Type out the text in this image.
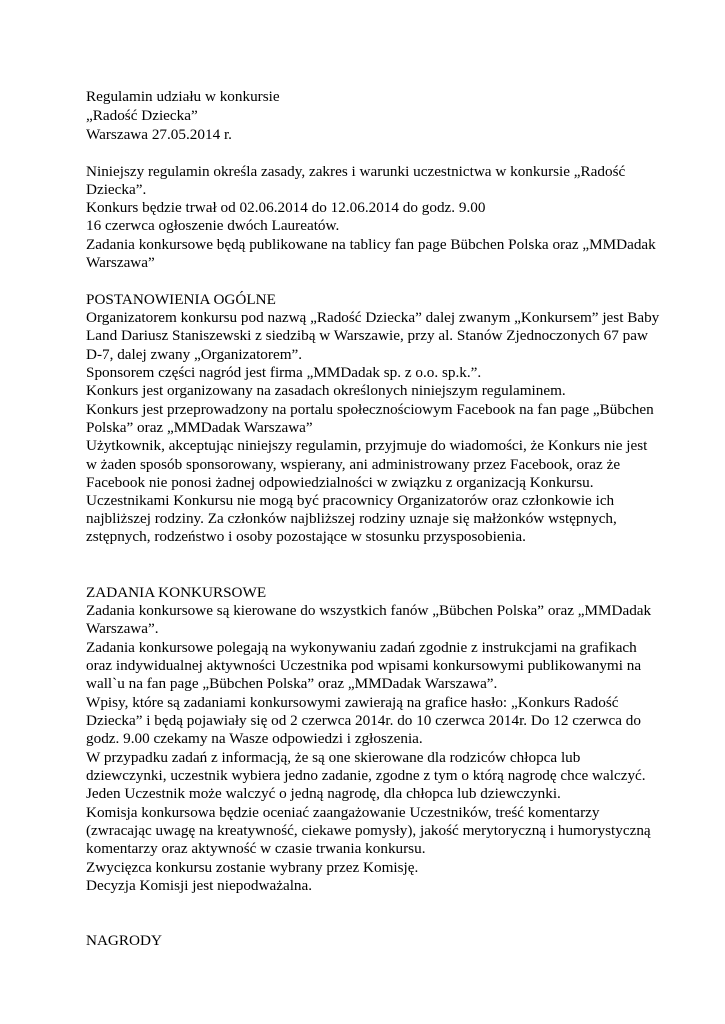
Regulamin udziału w konkursie
„Radość Dziecka”
Warszawa 27.05.2014 r.
Niniejszy regulamin określa zasady, zakres i warunki uczestnictwa w konkursie „Radość
Dziecka”.
Konkurs będzie trwał od 02.06.2014 do 12.06.2014 do godz. 9.00
16 czerwca ogłoszenie dwóch Laureatów.
Zadania konkursowe będą publikowane na tablicy fan page Bübchen Polska oraz „MMDadak
Warszawa”
POSTANOWIENIA OGÓLNE
Organizatorem konkursu pod nazwą „Radość Dziecka” dalej zwanym „Konkursem” jest Baby
Land Dariusz Staniszewski z siedzibą w Warszawie, przy al. Stanów Zjednoczonych 67 paw
D-7, dalej zwany „Organizatorem”.
Sponsorem części nagród jest firma „MMDadak sp. z o.o. sp.k.”.
Konkurs jest organizowany na zasadach określonych niniejszym regulaminem.
Konkurs jest przeprowadzony na portalu społecznościowym Facebook na fan page „Bübchen
Polska” oraz „MMDadak Warszawa”
Użytkownik, akceptując niniejszy regulamin, przyjmuje do wiadomości, że Konkurs nie jest
w żaden sposób sponsorowany, wspierany, ani administrowany przez Facebook, oraz że
Facebook nie ponosi żadnej odpowiedzialności w związku z organizacją Konkursu.
Uczestnikami Konkursu nie mogą być pracownicy Organizatorów oraz członkowie ich
najbliższej rodziny. Za członków najbliższej rodziny uznaje się małżonków wstępnych,
zstępnych, rodzeństwo i osoby pozostające w stosunku przysposobienia.
ZADANIA KONKURSOWE
Zadania konkursowe są kierowane do wszystkich fanów „Bübchen Polska” oraz „MMDadak
Warszawa”.
Zadania konkursowe polegają na wykonywaniu zadań zgodnie z instrukcjami na grafikach
oraz indywidualnej aktywności Uczestnika pod wpisami konkursowymi publikowanymi na
wall`u na fan page „Bübchen Polska” oraz „MMDadak Warszawa”.
Wpisy, które są zadaniami konkursowymi zawierają na grafice hasło: „Konkurs Radość
Dziecka” i będą pojawiały się od 2 czerwca 2014r. do 10 czerwca 2014r. Do 12 czerwca do
godz. 9.00 czekamy na Wasze odpowiedzi i zgłoszenia.
W przypadku zadań z informacją, że są one skierowane dla rodziców chłopca lub
dziewczynki, uczestnik wybiera jedno zadanie, zgodne z tym o którą nagrodę chce walczyć.
Jeden Uczestnik może walczyć o jedną nagrodę, dla chłopca lub dziewczynki.
Komisja konkursowa będzie oceniać zaangażowanie Uczestników, treść komentarzy
(zwracając uwagę na kreatywność, ciekawe pomysły), jakość merytoryczną i humorystyczną
komentarzy oraz aktywność w czasie trwania konkursu.
Zwycięzca konkursu zostanie wybrany przez Komisję.
Decyzja Komisji jest niepodważalna.
NAGRODY
